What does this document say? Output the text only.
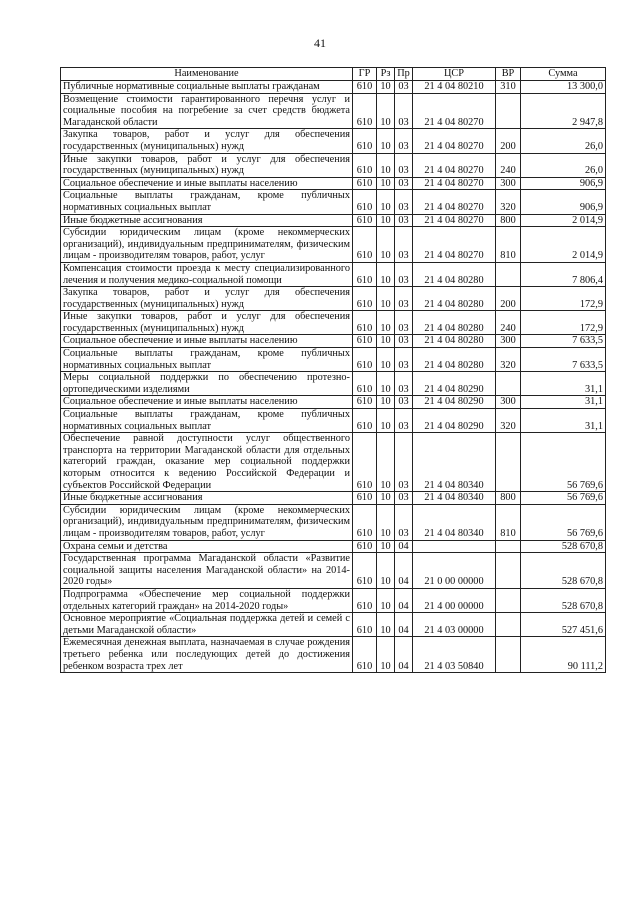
41
Наименование	ГР	Рз	Пр	ЦСР	ВР	Сумма
Публичные нормативные социальные выплаты гражданам	610	10	03	21 4 04 80210	310	13 300,0
Возмещение стоимости гарантированного перечня услуг и социальные пособия на погребение за счет средств бюджета Магаданской области	610	10	03	21 4 04 80270		2 947,8
Закупка товаров, работ и услуг для обеспечения государственных (муниципальных) нужд	610	10	03	21 4 04 80270	200	26,0
Иные закупки товаров, работ и услуг для обеспечения государственных (муниципальных) нужд	610	10	03	21 4 04 80270	240	26,0
Социальное обеспечение и иные выплаты населению	610	10	03	21 4 04 80270	300	906,9
Социальные выплаты гражданам, кроме публичных нормативных социальных выплат	610	10	03	21 4 04 80270	320	906,9
Иные бюджетные ассигнования	610	10	03	21 4 04 80270	800	2 014,9
Субсидии юридическим лицам (кроме некоммерческих организаций), индивидуальным предпринимателям, физическим лицам - производителям товаров, работ, услуг	610	10	03	21 4 04 80270	810	2 014,9
Компенсация стоимости проезда к месту специализированного лечения и получения медико-социальной помощи	610	10	03	21 4 04 80280		7 806,4
Закупка товаров, работ и услуг для обеспечения государственных (муниципальных) нужд	610	10	03	21 4 04 80280	200	172,9
Иные закупки товаров, работ и услуг для обеспечения государственных (муниципальных) нужд	610	10	03	21 4 04 80280	240	172,9
Социальное обеспечение и иные выплаты населению	610	10	03	21 4 04 80280	300	7 633,5
Социальные выплаты гражданам, кроме публичных нормативных социальных выплат	610	10	03	21 4 04 80280	320	7 633,5
Меры социальной поддержки по обеспечению протезно-ортопедическими изделиями	610	10	03	21 4 04 80290		31,1
Социальное обеспечение и иные выплаты населению	610	10	03	21 4 04 80290	300	31,1
Социальные выплаты гражданам, кроме публичных нормативных социальных выплат	610	10	03	21 4 04 80290	320	31,1
Обеспечение равной доступности услуг общественного транспорта на территории Магаданской области для отдельных категорий граждан, оказание мер социальной поддержки которым относится к ведению Российской Федерации и субъектов Российской Федерации	610	10	03	21 4 04 80340		56 769,6
Иные бюджетные ассигнования	610	10	03	21 4 04 80340	800	56 769,6
Субсидии юридическим лицам (кроме некоммерческих организаций), индивидуальным предпринимателям, физическим лицам - производителям товаров, работ, услуг	610	10	03	21 4 04 80340	810	56 769,6
Охрана семьи и детства	610	10	04			528 670,8
Государственная программа Магаданской области «Развитие социальной защиты населения Магаданской области» на 2014-2020 годы»	610	10	04	21 0 00 00000		528 670,8
Подпрограмма «Обеспечение мер социальной поддержки отдельных категорий граждан» на 2014-2020 годы»	610	10	04	21 4 00 00000		528 670,8
Основное мероприятие «Социальная поддержка детей и семей с детьми Магаданской области»	610	10	04	21 4 03 00000		527 451,6
Ежемесячная денежная выплата, назначаемая в случае рождения третьего ребенка или последующих детей до достижения ребенком возраста трех лет	610	10	04	21 4 03 50840		90 111,2
